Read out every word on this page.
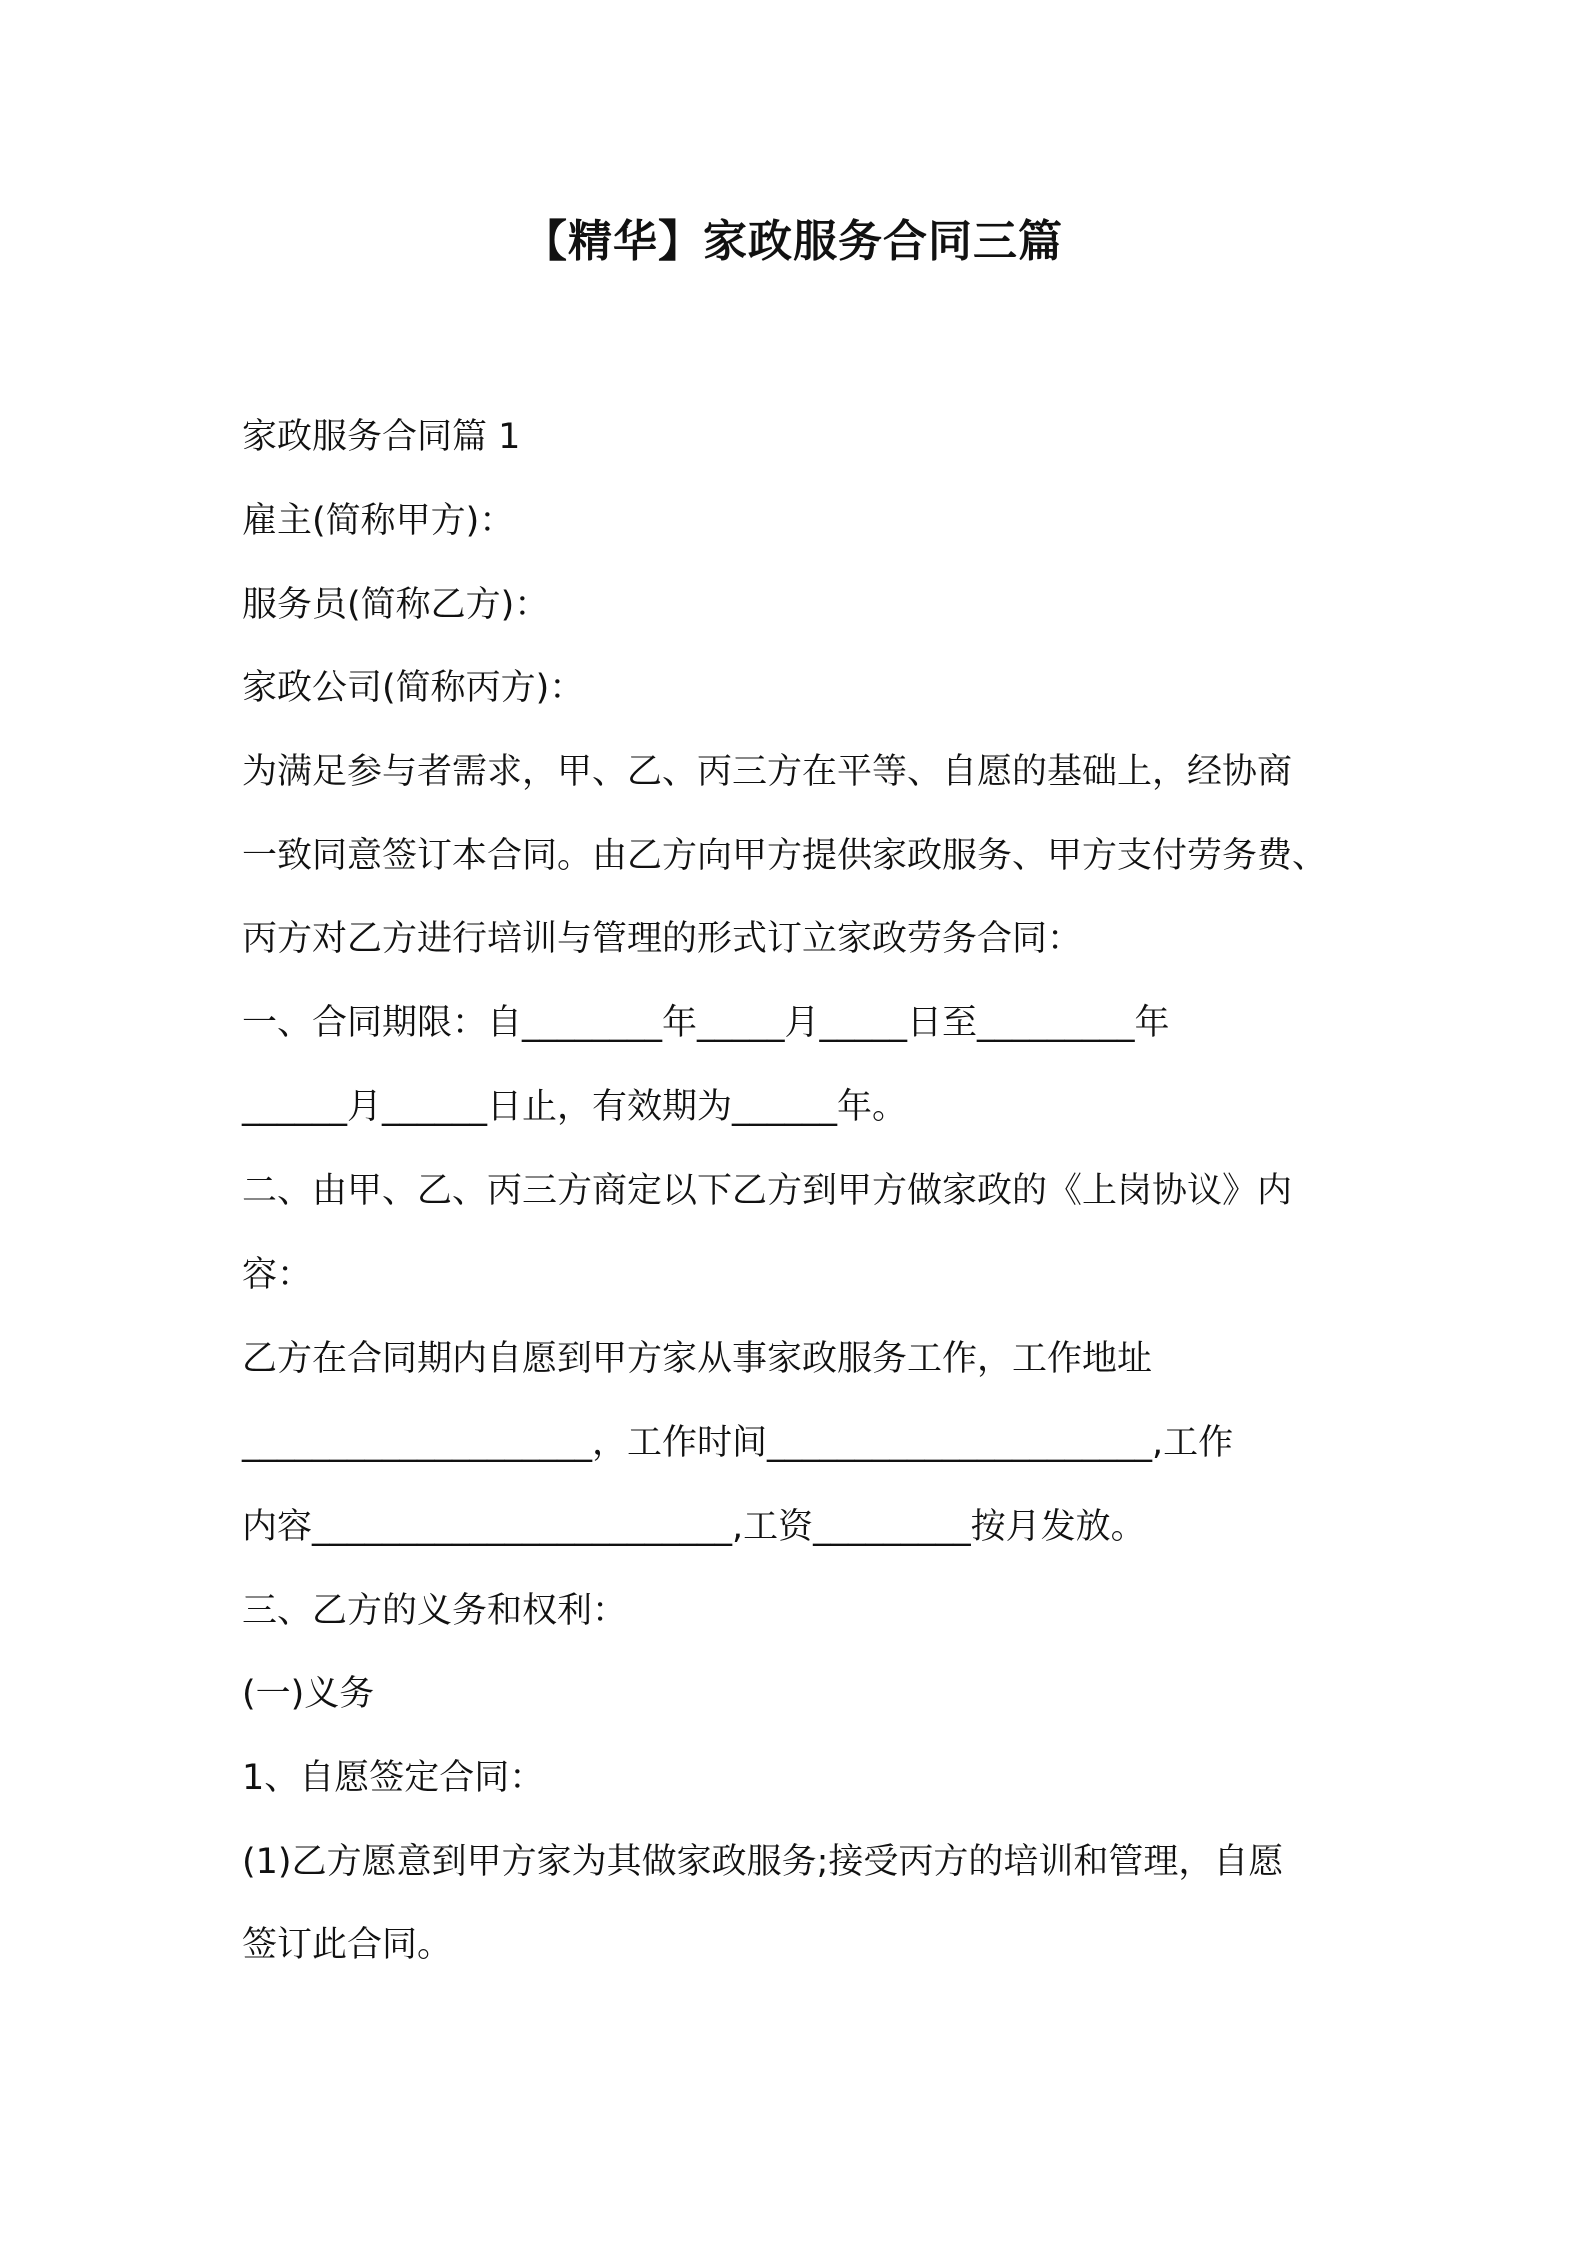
【精华】家政服务合同三篇
家政服务合同篇 1
雇主(简称甲方)：
服务员(简称乙方)：
家政公司(简称丙方)：
为满足参与者需求，甲、乙、丙三方在平等、自愿的基础上，经协商
一致同意签订本合同。由乙方向甲方提供家政服务、甲方支付劳务费、
丙方对乙方进行培训与管理的形式订立家政劳务合同：
一、合同期限：自________年_____月_____日至_________年
______月______日止，有效期为______年。
二、由甲、乙、丙三方商定以下乙方到甲方做家政的《上岗协议》内
容：
乙方在合同期内自愿到甲方家从事家政服务工作，工作地址
____________________，工作时间______________________,工作
内容________________________,工资_________按月发放。
三、乙方的义务和权利：
(一)义务
1、自愿签定合同：
(1)乙方愿意到甲方家为其做家政服务;接受丙方的培训和管理，自愿
签订此合同。
